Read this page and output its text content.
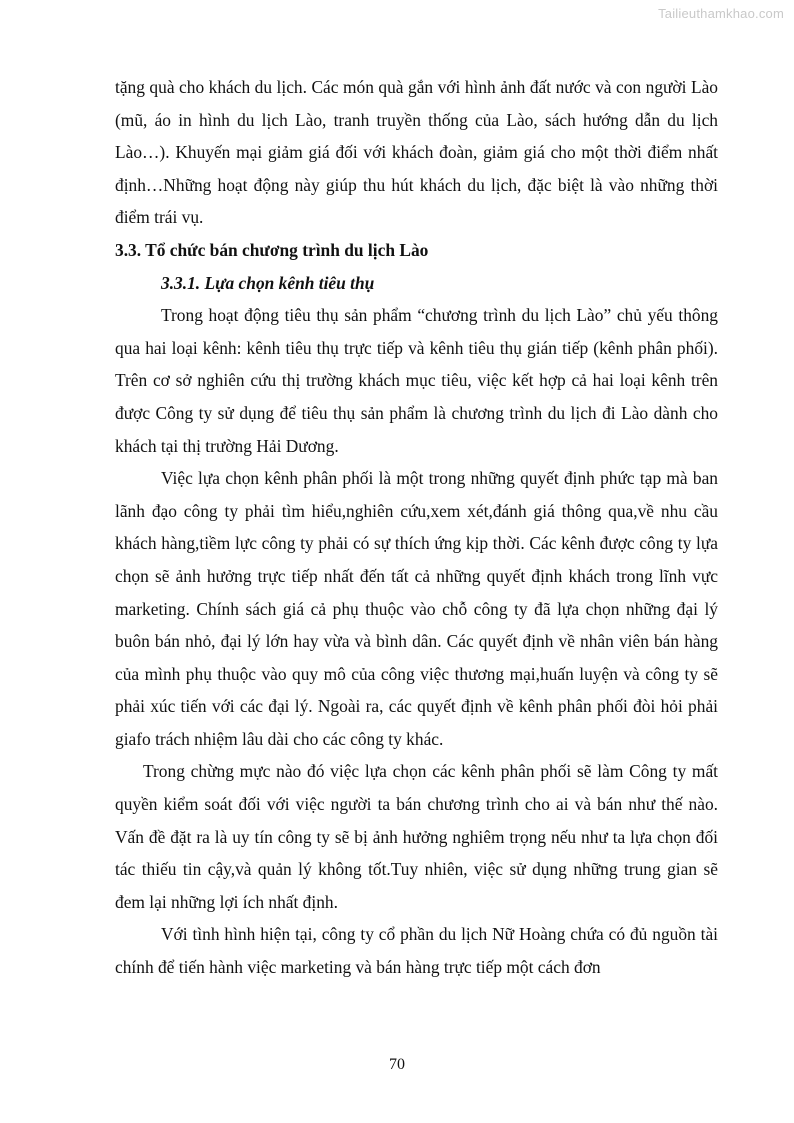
Tailieuthamkhao.com

tặng quà cho khách du lịch. Các món quà gắn với hình ảnh đất nước và con người Lào (mũ, áo in hình du lịch Lào, tranh truyền thống của Lào, sách hướng dẫn du lịch Lào…). Khuyến mại giảm giá đối với khách đoàn, giảm giá cho một thời điểm nhất định…Những hoạt động này giúp thu hút khách du lịch, đặc biệt là vào những thời điểm trái vụ.

3.3. Tổ chức bán chương trình du lịch Lào

3.3.1. Lựa chọn kênh tiêu thụ

Trong hoạt động tiêu thụ sản phẩm “chương trình du lịch Lào” chủ yếu thông qua hai loại kênh: kênh tiêu thụ trực tiếp và kênh tiêu thụ gián tiếp (kênh phân phối). Trên cơ sở nghiên cứu thị trường khách mục tiêu, việc kết hợp cả hai loại kênh trên được Công ty sử dụng để tiêu thụ sản phẩm là chương trình du lịch đi Lào dành cho khách tại thị trường Hải Dương.

Việc lựa chọn kênh phân phối là một trong những quyết định phức tạp mà ban lãnh đạo công ty phải tìm hiểu,nghiên cứu,xem xét,đánh giá thông qua,về nhu cầu khách hàng,tiềm lực công ty phải có sự thích ứng kịp thời. Các kênh được công ty lựa chọn sẽ ảnh hưởng trực tiếp nhất đến tất cả những quyết định khách trong lĩnh vực marketing. Chính sách giá cả phụ thuộc vào chỗ công ty đã lựa chọn những đại lý buôn bán nhỏ, đại lý lớn hay vừa và bình dân. Các quyết định về nhân viên bán hàng của mình phụ thuộc vào quy mô của công việc thương mại,huấn luyện và công ty sẽ phải xúc tiến với các đại lý. Ngoài ra, các quyết định về kênh phân phối đòi hỏi phải giafo trách nhiệm lâu dài cho các công ty khác.

Trong chừng mực nào đó việc lựa chọn các kênh phân phối sẽ làm Công ty mất quyền kiểm soát đối với việc người ta bán chương trình cho ai và bán như thế nào. Vấn đề đặt ra là uy tín công ty sẽ bị ảnh hưởng nghiêm trọng nếu như ta lựa chọn đối tác thiếu tin cậy,và quản lý không tốt.Tuy nhiên, việc sử dụng những trung gian sẽ đem lại những lợi ích nhất định.

Với tình hình hiện tại, công ty cổ phần du lịch Nữ Hoàng chứa có đủ nguồn tài chính để tiến hành việc marketing và bán hàng trực tiếp một cách đơn

70
